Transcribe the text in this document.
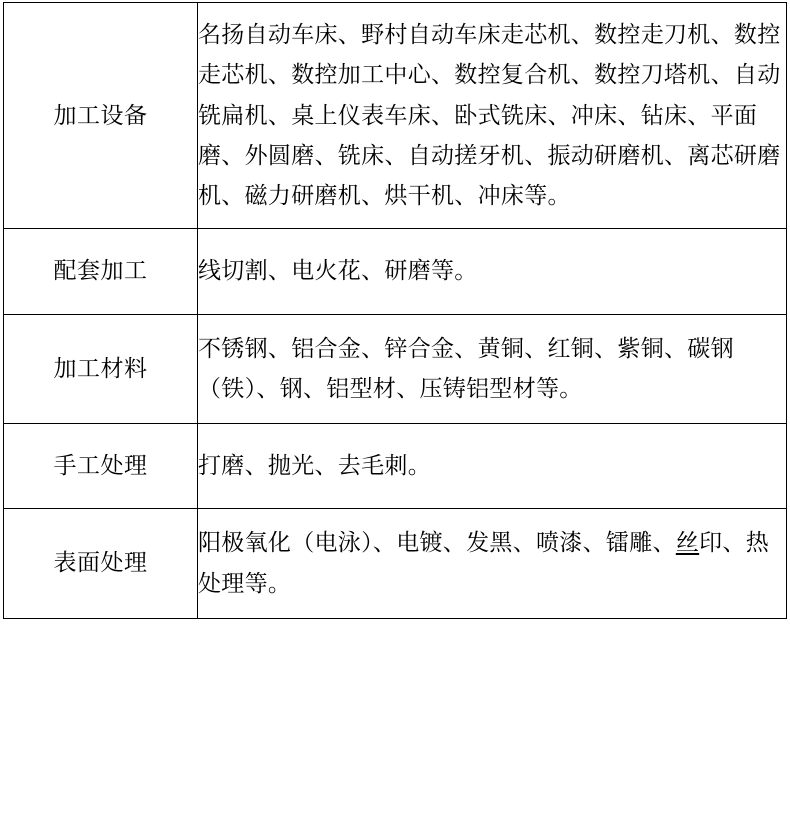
加工设备	名扬自动车床、野村自动车床走芯机、数控走刀机、数控走芯机、数控加工中心、数控复合机、数控刀塔机、自动铣扁机、桌上仪表车床、卧式铣床、冲床、钻床、平面磨、外圆磨、铣床、自动搓牙机、振动研磨机、离芯研磨机、磁力研磨机、烘干机、冲床等。
配套加工	线切割、电火花、研磨等。
加工材料	不锈钢、铝合金、锌合金、黄铜、红铜、紫铜、碳钢（铁）、钢、铝型材、压铸铝型材等。
手工处理	打磨、抛光、去毛刺。
表面处理	阳极氧化（电泳）、电镀、发黑、喷漆、镭雕、丝印、热处理等。
